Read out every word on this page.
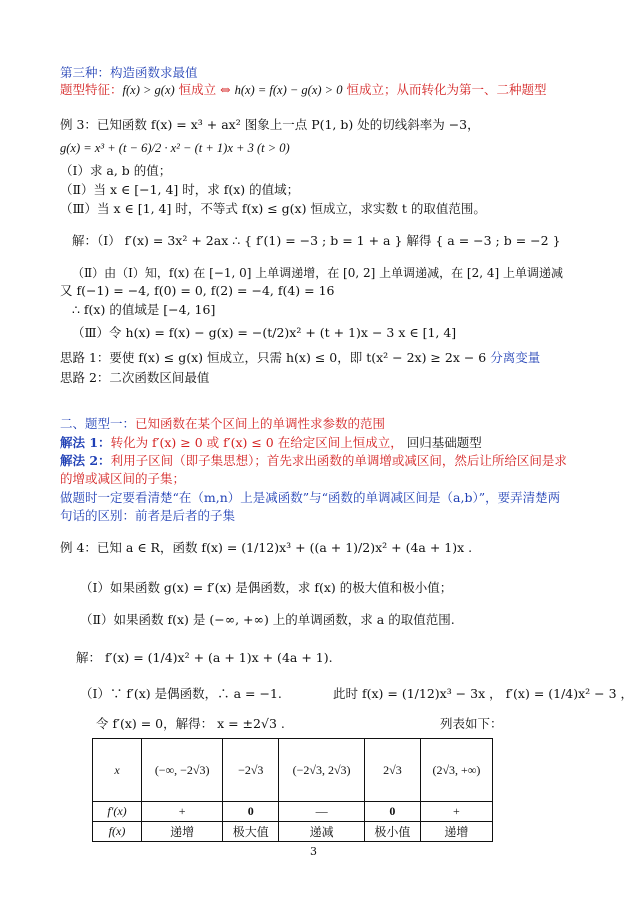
第三种：构造函数求最值
题型特征：f(x) > g(x) 恒成立 ⇔ h(x) = f(x) − g(x) > 0 恒成立；从而转化为第一、二种题型
例 3：已知函数 f(x) = x³ + ax² 图象上一点 P(1, b) 处的切线斜率为 −3，
g(x) = x³ + (t − 6)/2 · x² − (t + 1)x + 3 (t > 0)
（Ⅰ）求 a, b 的值；
（Ⅱ）当 x ∈ [−1, 4] 时，求 f(x) 的值域；
（Ⅲ）当 x ∈ [1, 4] 时，不等式 f(x) ≤ g(x) 恒成立，求实数 t 的取值范围。
解：（Ⅰ） f′(x) = 3x² + 2ax ∴ { f′(1) = −3 ; b = 1 + a } 解得 { a = −3 ; b = −2 }
（Ⅱ）由（Ⅰ）知，f(x) 在 [−1, 0] 上单调递增，在 [0, 2] 上单调递减，在 [2, 4] 上单调递减
又 f(−1) = −4, f(0) = 0, f(2) = −4, f(4) = 16
∴ f(x) 的值域是 [−4, 16]
（Ⅲ）令 h(x) = f(x) − g(x) = −(t/2)x² + (t + 1)x − 3 x ∈ [1, 4]
思路 1：要使 f(x) ≤ g(x) 恒成立，只需 h(x) ≤ 0，即 t(x² − 2x) ≥ 2x − 6 分离变量
思路 2：二次函数区间最值
二、题型一：已知函数在某个区间上的单调性求参数的范围
解法 1：转化为 f′(x) ≥ 0 或 f′(x) ≤ 0 在给定区间上恒成立， 回归基础题型
解法 2：利用子区间（即子集思想）；首先求出函数的单调增或减区间，然后让所给区间是求
的增或减区间的子集；
做题时一定要看清楚“在（m,n）上是减函数”与“函数的单调减区间是（a,b）”，要弄清楚两
句话的区别：前者是后者的子集
例 4：已知 a ∈ R，函数 f(x) = (1/12)x³ + ((a + 1)/2)x² + (4a + 1)x .
（Ⅰ）如果函数 g(x) = f′(x) 是偶函数，求 f(x) 的极大值和极小值；
（Ⅱ）如果函数 f(x) 是 (−∞, +∞) 上的单调函数，求 a 的取值范围.
解： f′(x) = (1/4)x² + (a + 1)x + (4a + 1).
（Ⅰ）∵ f′(x) 是偶函数，∴ a = −1.	此时 f(x) = (1/12)x³ − 3x ， f′(x) = (1/4)x² − 3 ，
令 f′(x) = 0，解得： x = ±2√3 .	列表如下：
x	(−∞, −2√3)	−2√3	(−2√3, 2√3)	2√3	(2√3, +∞)
f′(x)	+	0	—	0	+
f(x)	递增	极大值	递减	极小值	递增
3
